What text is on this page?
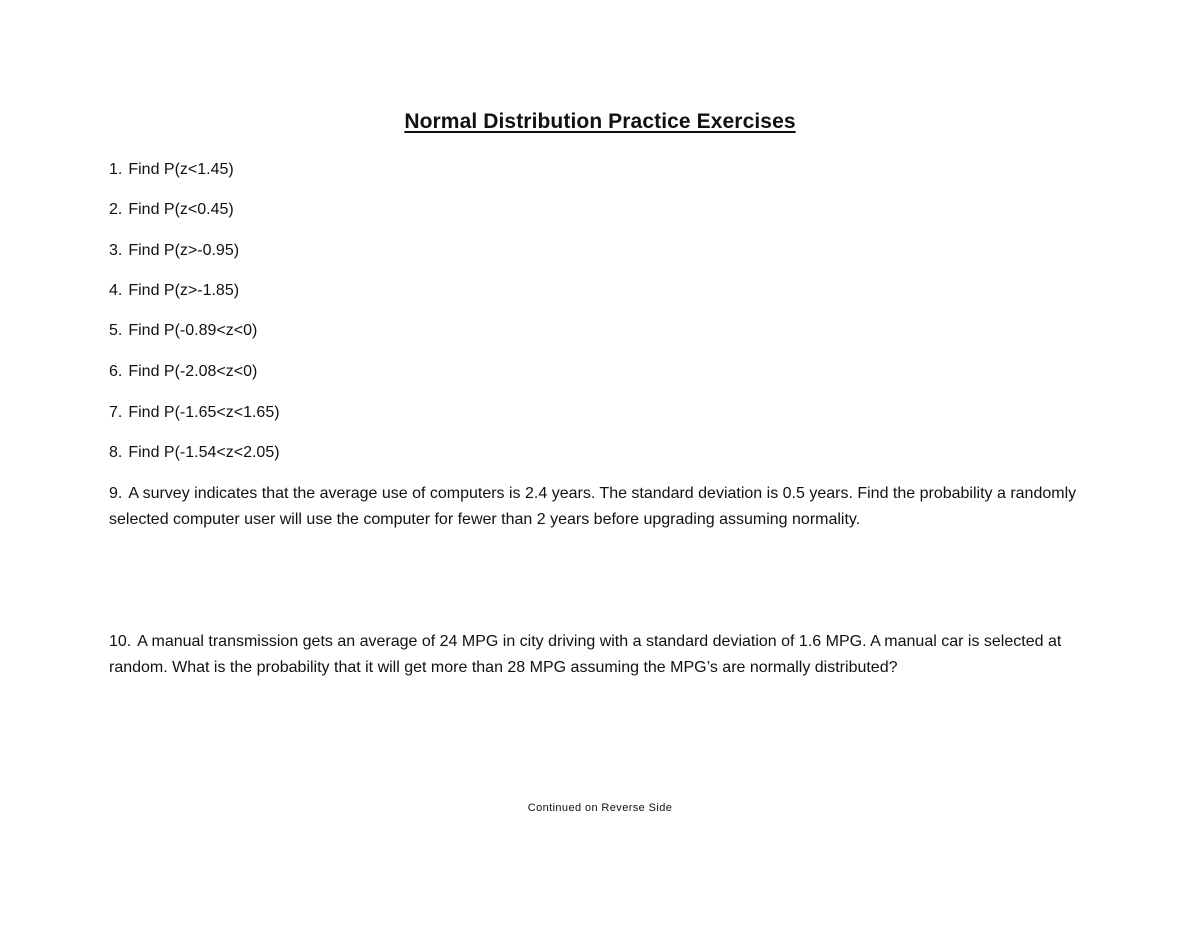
Normal Distribution Practice Exercises
1. Find P(z<1.45)
2. Find P(z<0.45)
3. Find P(z>-0.95)
4. Find P(z>-1.85)
5. Find P(-0.89<z<0)
6. Find P(-2.08<z<0)
7. Find P(-1.65<z<1.65)
8. Find P(-1.54<z<2.05)
9. A survey indicates that the average use of computers is 2.4 years. The standard deviation is 0.5 years. Find the probability a randomly selected computer user will use the computer for fewer than 2 years before upgrading assuming normality.
10. A manual transmission gets an average of 24 MPG in city driving with a standard deviation of 1.6 MPG. A manual car is selected at random. What is the probability that it will get more than 28 MPG assuming the MPG’s are normally distributed?
Continued on Reverse Side
